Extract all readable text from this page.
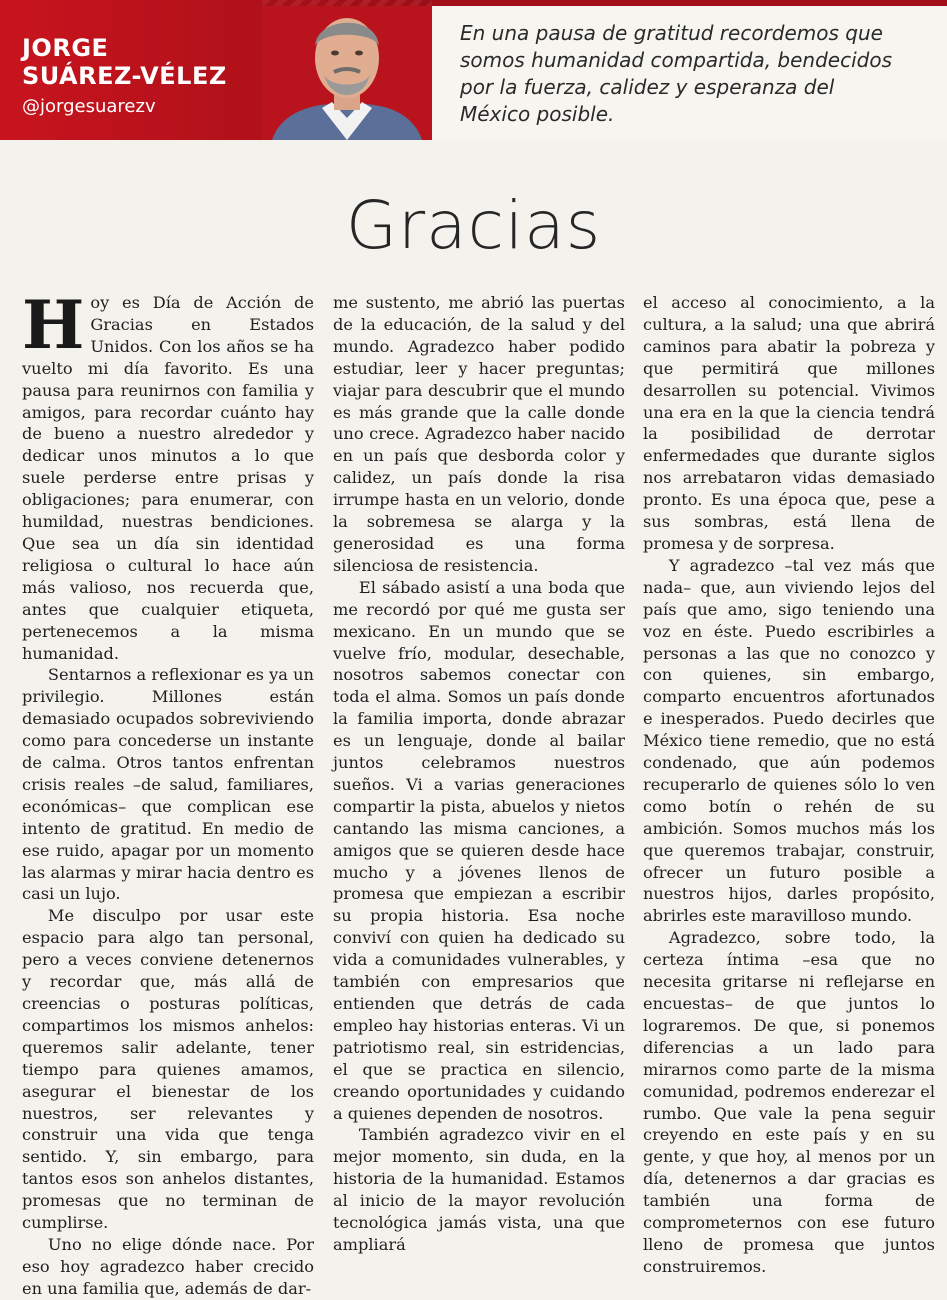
JORGE
SUÁREZ-VÉLEZ
@jorgesuarezv
En una pausa de gratitud recordemos que somos humanidad compartida, bendecidos por la fuerza, calidez y esperanza del México posible.
Gracias

Hoy es Día de Acción de Gracias en Estados Unidos. Con los años se ha vuelto mi día favorito. Es una pausa para reunirnos con familia y amigos, para recordar cuánto hay de bueno a nuestro alrededor y dedicar unos minutos a lo que suele perderse entre prisas y obligaciones; para enumerar, con humildad, nuestras bendiciones. Que sea un día sin identidad religiosa o cultural lo hace aún más valioso, nos recuerda que, antes que cualquier etiqueta, pertenecemos a la misma humanidad.

Sentarnos a reflexionar es ya un privilegio. Millones están demasiado ocupados sobreviviendo como para concederse un instante de calma. Otros tantos enfrentan crisis reales –de salud, familiares, económicas– que complican ese intento de gratitud. En medio de ese ruido, apagar por un momento las alarmas y mirar hacia dentro es casi un lujo.

Me disculpo por usar este espacio para algo tan personal, pero a veces conviene detenernos y recordar que, más allá de creencias o posturas políticas, compartimos los mismos anhelos: queremos salir adelante, tener tiempo para quienes amamos, asegurar el bienestar de los nuestros, ser relevantes y construir una vida que tenga sentido. Y, sin embargo, para tantos esos son anhelos distantes, promesas que no terminan de cumplirse.

Uno no elige dónde nace. Por eso hoy agradezco haber crecido en una familia que, además de dar-

me sustento, me abrió las puertas de la educación, de la salud y del mundo. Agradezco haber podido estudiar, leer y hacer preguntas; viajar para descubrir que el mundo es más grande que la calle donde uno crece. Agradezco haber nacido en un país que desborda color y calidez, un país donde la risa irrumpe hasta en un velorio, donde la sobremesa se alarga y la generosidad es una forma silenciosa de resistencia.

El sábado asistí a una boda que me recordó por qué me gusta ser mexicano. En un mundo que se vuelve frío, modular, desechable, nosotros sabemos conectar con toda el alma. Somos un país donde la familia importa, donde abrazar es un lenguaje, donde al bailar juntos celebramos nuestros sueños. Vi a varias generaciones compartir la pista, abuelos y nietos cantando las misma canciones, a amigos que se quieren desde hace mucho y a jóvenes llenos de promesa que empiezan a escribir su propia historia. Esa noche conviví con quien ha dedicado su vida a comunidades vulnerables, y también con empresarios que entienden que detrás de cada empleo hay historias enteras. Vi un patriotismo real, sin estridencias, el que se practica en silencio, creando oportunidades y cuidando a quienes dependen de nosotros.

También agradezco vivir en el mejor momento, sin duda, en la historia de la humanidad. Estamos al inicio de la mayor revolución tecnológica jamás vista, una que ampliará

el acceso al conocimiento, a la cultura, a la salud; una que abrirá caminos para abatir la pobreza y que permitirá que millones desarrollen su potencial. Vivimos una era en la que la ciencia tendrá la posibilidad de derrotar enfermedades que durante siglos nos arrebataron vidas demasiado pronto. Es una época que, pese a sus sombras, está llena de promesa y de sorpresa.

Y agradezco –tal vez más que nada– que, aun viviendo lejos del país que amo, sigo teniendo una voz en éste. Puedo escribirles a personas a las que no conozco y con quienes, sin embargo, comparto encuentros afortunados e inesperados. Puedo decirles que México tiene remedio, que no está condenado, que aún podemos recuperarlo de quienes sólo lo ven como botín o rehén de su ambición. Somos muchos más los que queremos trabajar, construir, ofrecer un futuro posible a nuestros hijos, darles propósito, abrirles este maravilloso mundo.

Agradezco, sobre todo, la certeza íntima –esa que no necesita gritarse ni reflejarse en encuestas– de que juntos lo lograremos. De que, si ponemos diferencias a un lado para mirarnos como parte de la misma comunidad, podremos enderezar el rumbo. Que vale la pena seguir creyendo en este país y en su gente, y que hoy, al menos por un día, detenernos a dar gracias es también una forma de comprometernos con ese futuro lleno de promesa que juntos construiremos.
